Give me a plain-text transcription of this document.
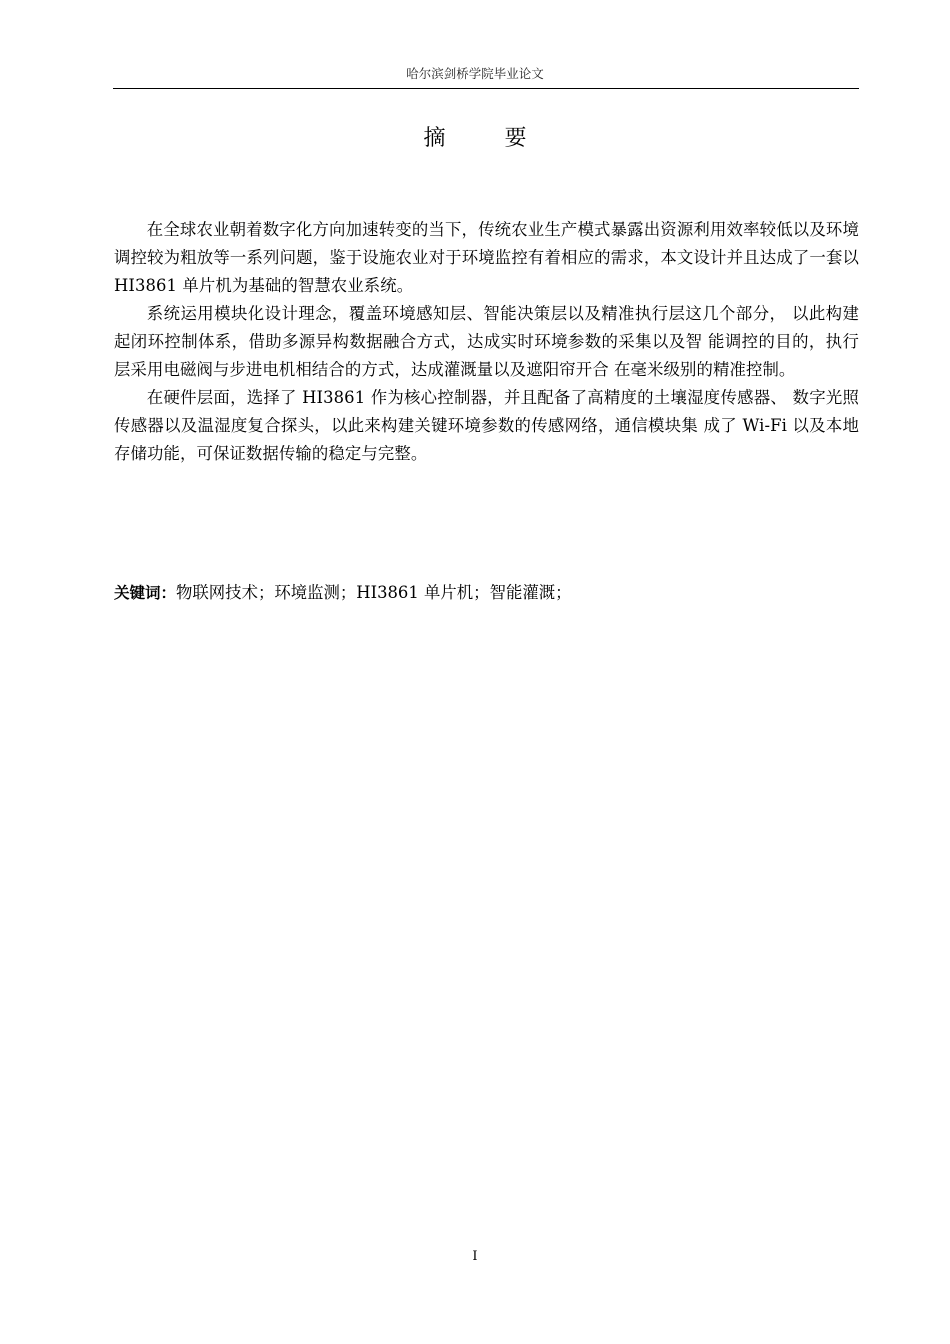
哈尔滨剑桥学院毕业论文
摘 要

在全球农业朝着数字化方向加速转变的当下，传统农业生产模式暴露出资源利用效率较低以及环境调控较为粗放等一系列问题，鉴于设施农业对于环境监控有着相应的需求，本文设计并且达成了一套以 HI3861 单片机为基础的智慧农业系统。

系统运用模块化设计理念，覆盖环境感知层、智能决策层以及精准执行层这几个部分， 以此构建起闭环控制体系，借助多源异构数据融合方式，达成实时环境参数的采集以及智 能调控的目的，执行层采用电磁阀与步进电机相结合的方式，达成灌溉量以及遮阳帘开合 在毫米级别的精准控制。

在硬件层面，选择了 HI3861 作为核心控制器，并且配备了高精度的土壤湿度传感器、 数字光照传感器以及温湿度复合探头，以此来构建关键环境参数的传感网络，通信模块集 成了 Wi-Fi 以及本地存储功能，可保证数据传输的稳定与完整。

关键词：物联网技术；环境监测；HI3861 单片机；智能灌溉；
I
